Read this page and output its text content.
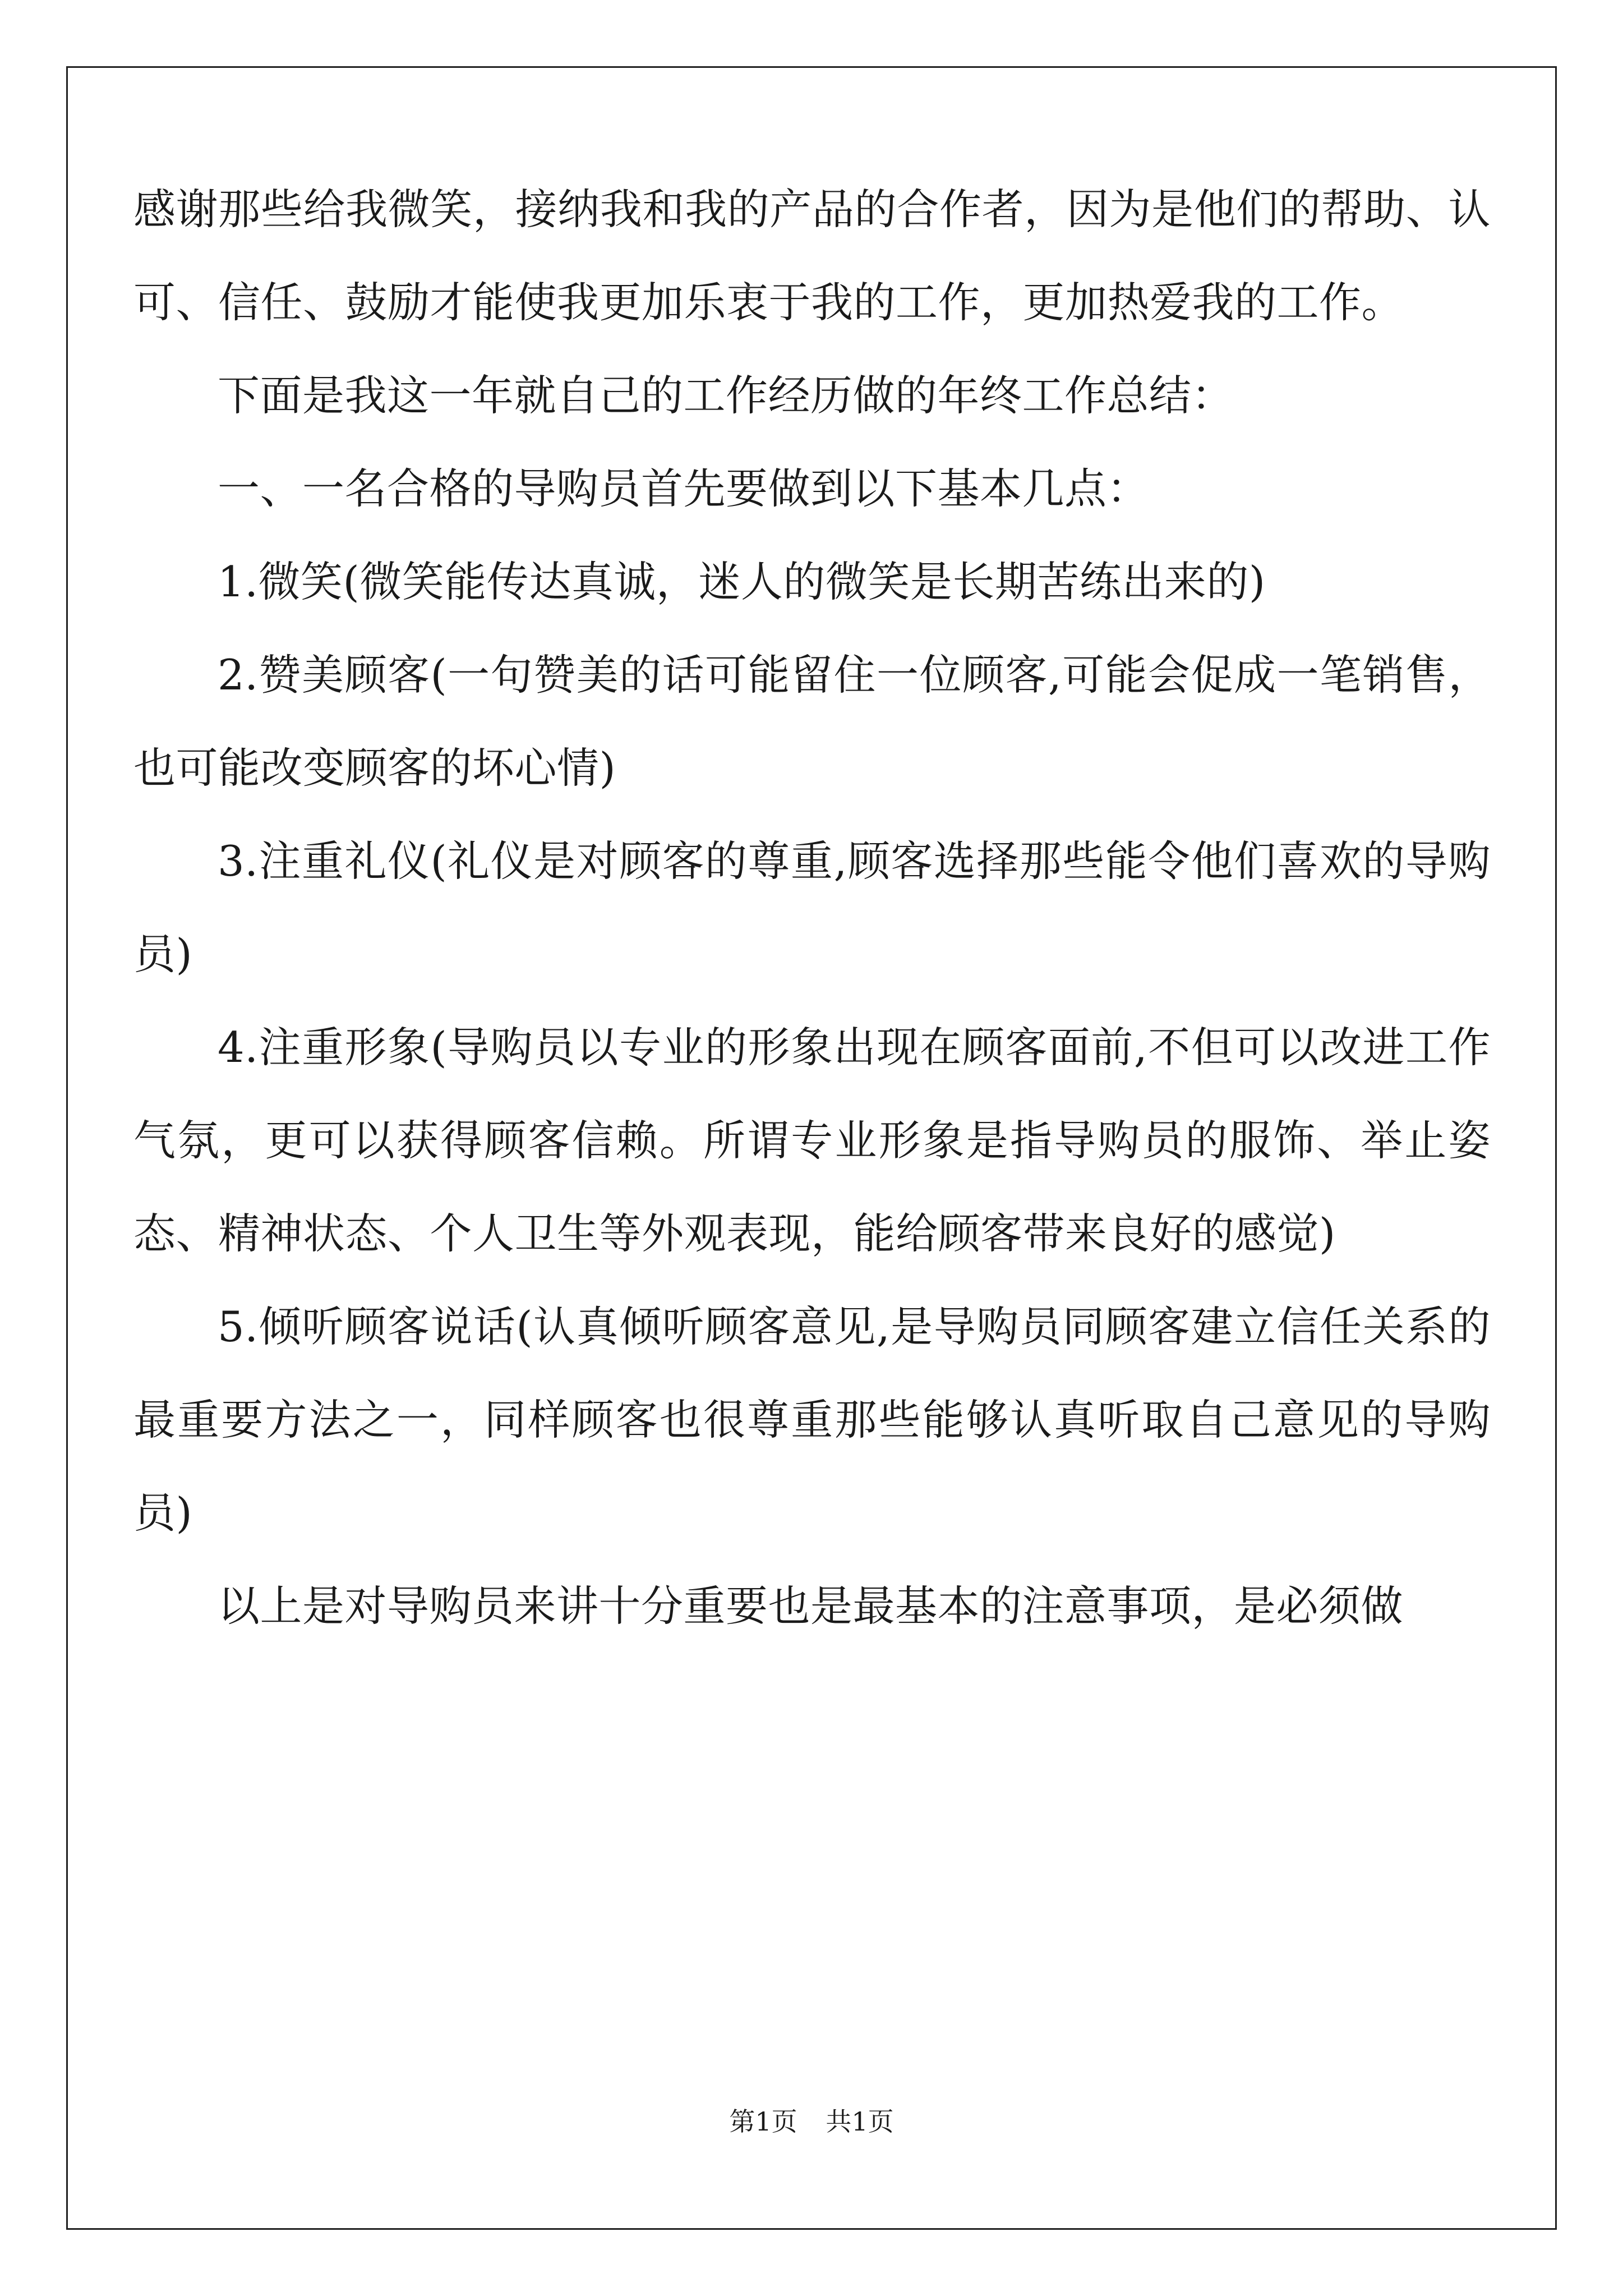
感谢那些给我微笑，接纳我和我的产品的合作者，因为是他们的帮助、认可、信任、鼓励才能使我更加乐衷于我的工作，更加热爱我的工作。

下面是我这一年就自己的工作经历做的年终工作总结：

一、一名合格的导购员首先要做到以下基本几点：

1.微笑(微笑能传达真诚，迷人的微笑是长期苦练出来的)

2.赞美顾客(一句赞美的话可能留住一位顾客,可能会促成一笔销售，也可能改变顾客的坏心情)

3.注重礼仪(礼仪是对顾客的尊重,顾客选择那些能令他们喜欢的导购员)

4.注重形象(导购员以专业的形象出现在顾客面前,不但可以改进工作气氛，更可以获得顾客信赖。所谓专业形象是指导购员的服饰、举止姿态、精神状态、个人卫生等外观表现，能给顾客带来良好的感觉)

5.倾听顾客说话(认真倾听顾客意见,是导购员同顾客建立信任关系的最重要方法之一，同样顾客也很尊重那些能够认真听取自己意见的导购员)

以上是对导购员来讲十分重要也是最基本的注意事项，是必须做

第1页 共1页
